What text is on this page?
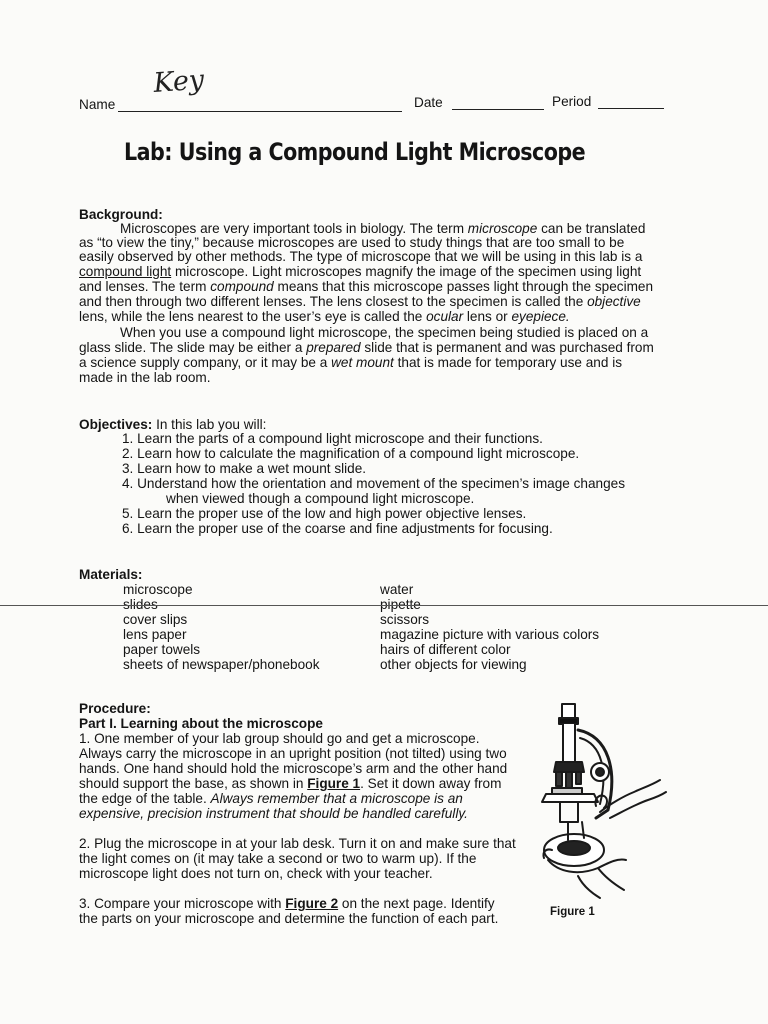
Name
Key
Date	Period
Lab: Using a Compound Light Microscope
Background:
Microscopes are very important tools in biology. The term microscope can be translated
as “to view the tiny,” because microscopes are used to study things that are too small to be
easily observed by other methods. The type of microscope that we will be using in this lab is a
compound light microscope. Light microscopes magnify the image of the specimen using light
and lenses. The term compound means that this microscope passes light through the specimen
and then through two different lenses. The lens closest to the specimen is called the objective
lens, while the lens nearest to the user’s eye is called the ocular lens or eyepiece.
When you use a compound light microscope, the specimen being studied is placed on a
glass slide. The slide may be either a prepared slide that is permanent and was purchased from
a science supply company, or it may be a wet mount that is made for temporary use and is
made in the lab room.
Objectives: In this lab you will:
1. Learn the parts of a compound light microscope and their functions.
2. Learn how to calculate the magnification of a compound light microscope.
3. Learn how to make a wet mount slide.
4. Understand how the orientation and movement of the specimen’s image changes
when viewed though a compound light microscope.
5. Learn the proper use of the low and high power objective lenses.
6. Learn the proper use of the coarse and fine adjustments for focusing.
Materials:
microscope
slides
cover slips
lens paper
paper towels
sheets of newspaper/phonebook
water
pipette
scissors
magazine picture with various colors
hairs of different color
other objects for viewing
Procedure:
Part I. Learning about the microscope
1. One member of your lab group should go and get a microscope.
Always carry the microscope in an upright position (not tilted) using two
hands. One hand should hold the microscope’s arm and the other hand
should support the base, as shown in Figure 1. Set it down away from
the edge of the table. Always remember that a microscope is an
expensive, precision instrument that should be handled carefully.
2. Plug the microscope in at your lab desk. Turn it on and make sure that
the light comes on (it may take a second or two to warm up). If the
microscope light does not turn on, check with your teacher.
3. Compare your microscope with Figure 2 on the next page. Identify
the parts on your microscope and determine the function of each part.	Figure 1
